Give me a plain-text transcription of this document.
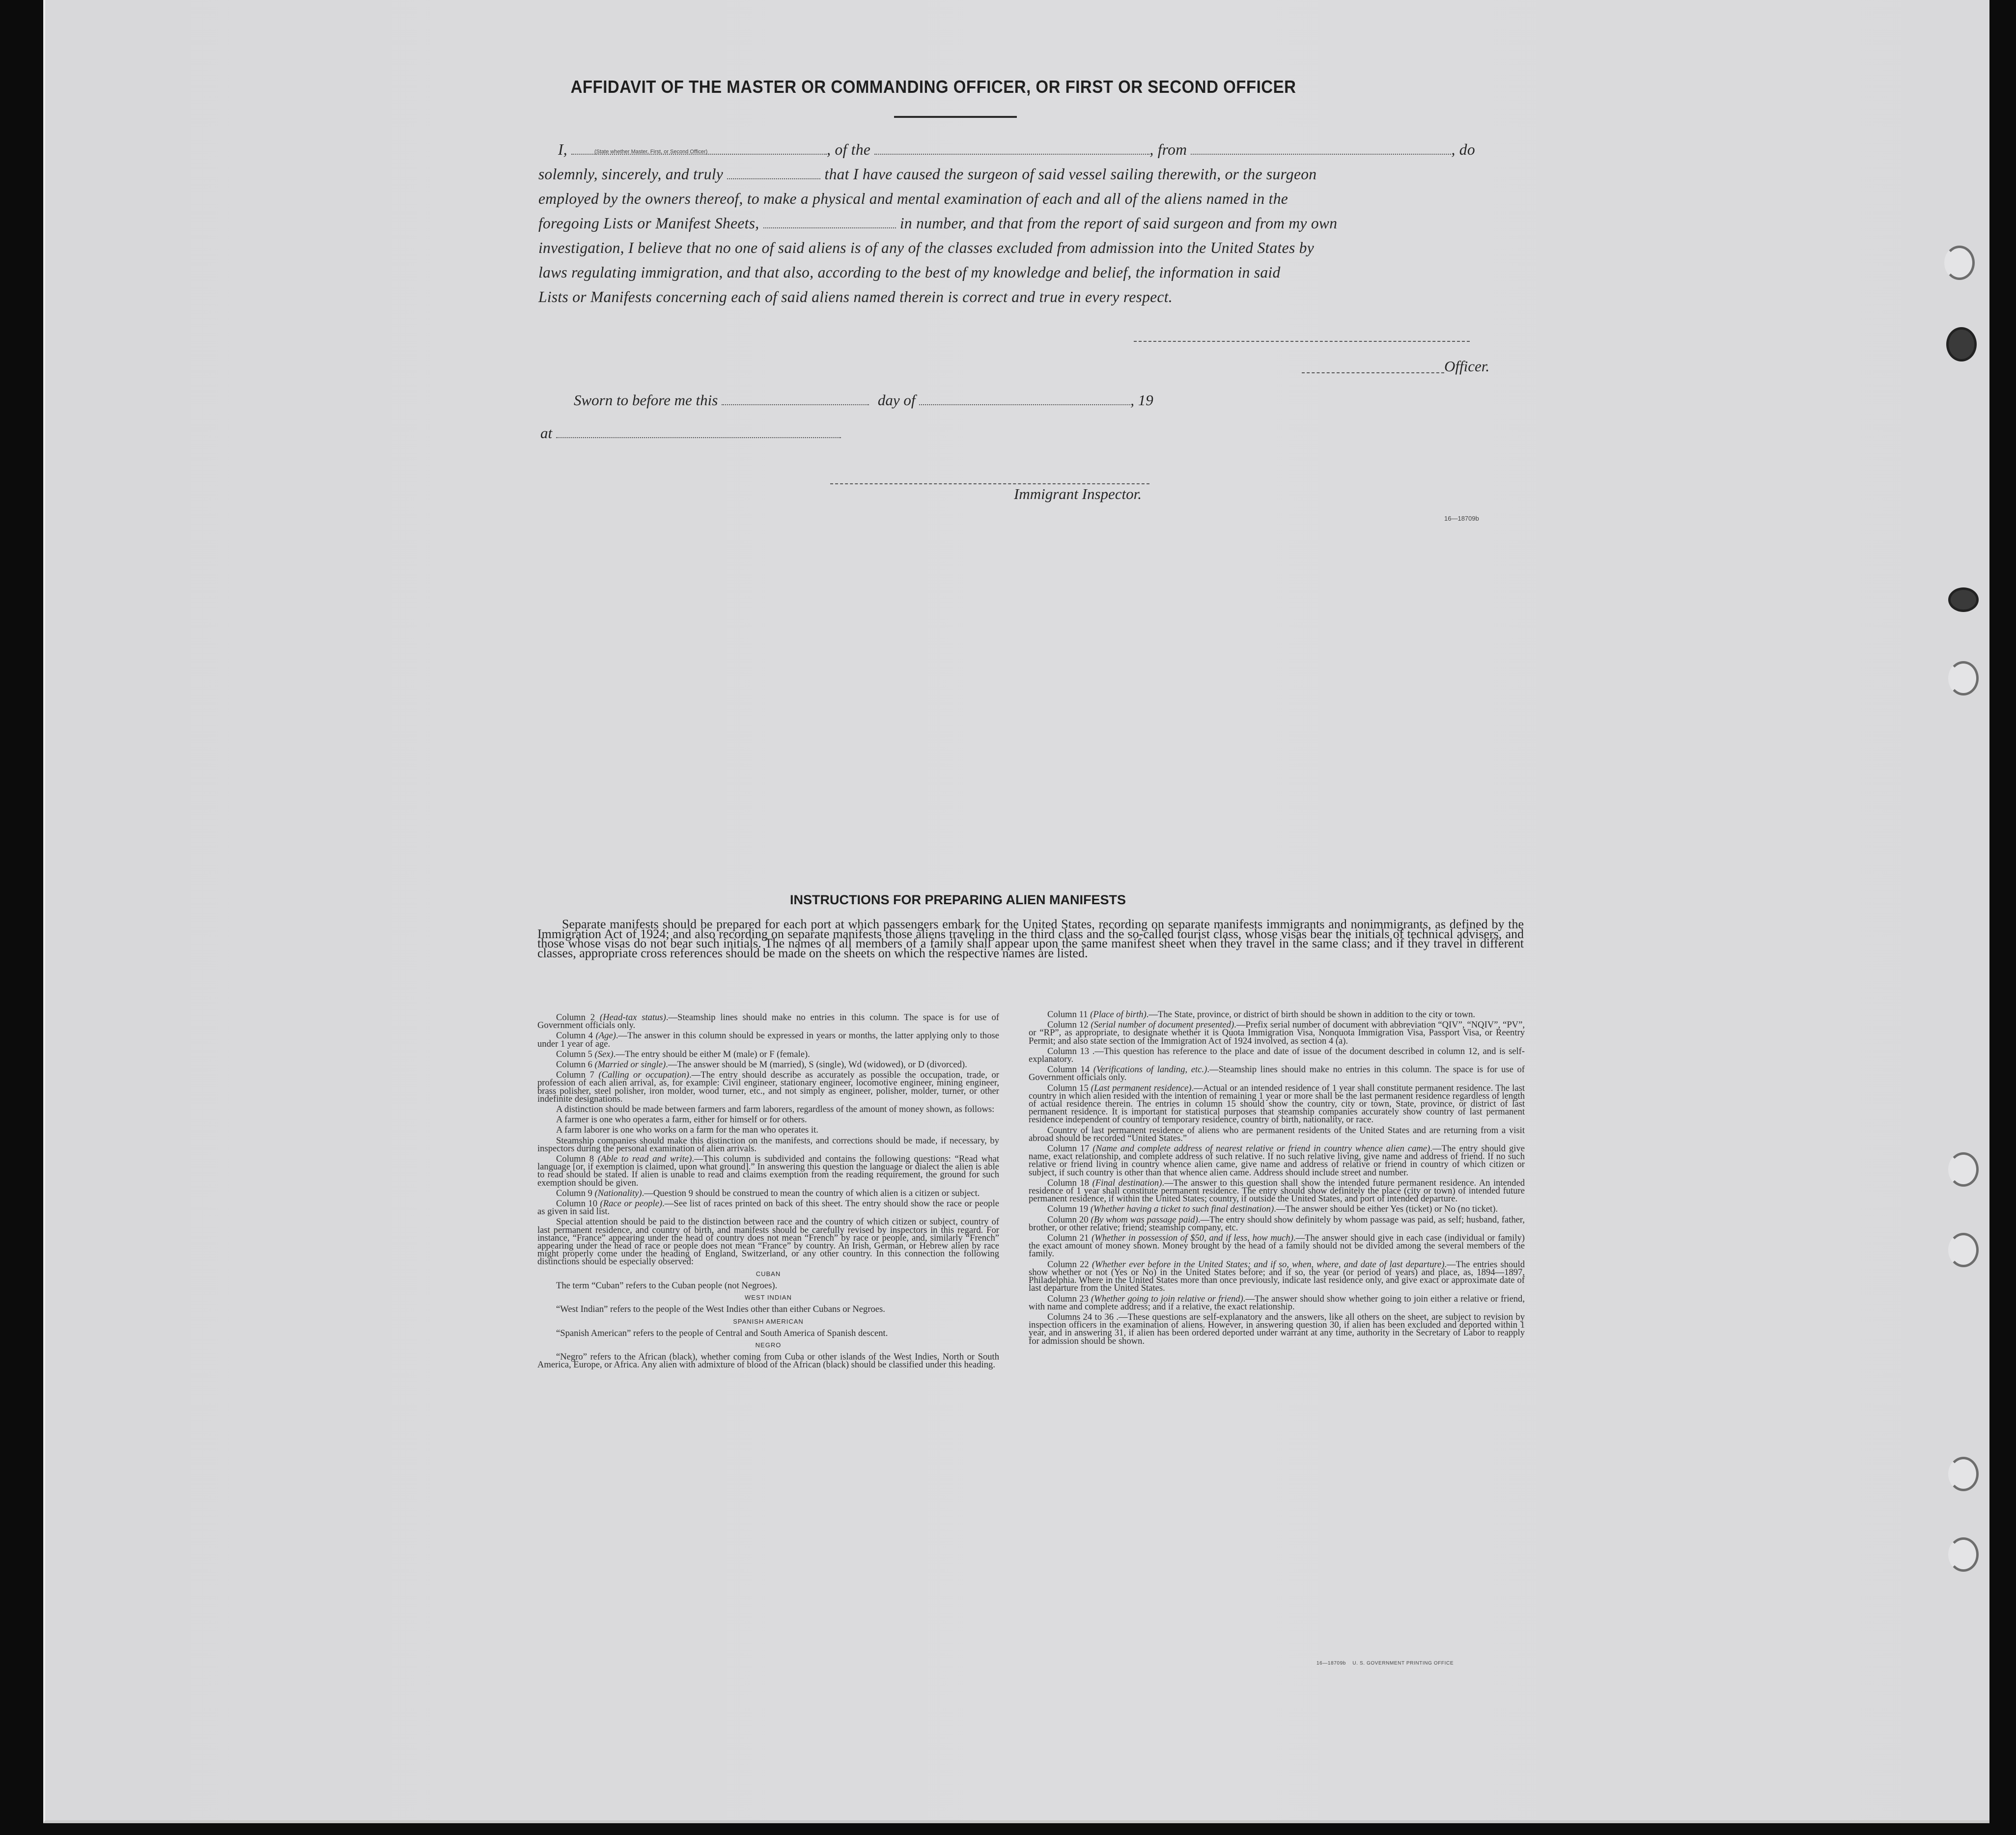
AFFIDAVIT OF THE MASTER OR COMMANDING OFFICER, OR FIRST OR SECOND OFFICER
I,	, of the	, from	, do
(State whether Master, First, or Second Officer)
solemnly, sincerely, and truly	that I have caused the surgeon of said vessel sailing therewith, or the surgeon
employed by the owners thereof, to make a physical and mental examination of each and all of the aliens named in the
foregoing Lists or Manifest Sheets,	in number, and that from the report of said surgeon and from my own
investigation, I believe that no one of said aliens is of any of the classes excluded from admission into the United States by
laws regulating immigration, and that also, according to the best of my knowledge and belief, the information in said
Lists or Manifests concerning each of said aliens named therein is correct and true in every respect.
Officer.
Sworn to before me this	day of	, 19
at
Immigrant Inspector.
16—18709b
INSTRUCTIONS FOR PREPARING ALIEN MANIFESTS
Separate manifests should be prepared for each port at which passengers embark for the United States, recording on separate manifests immigrants and nonimmigrants, as defined by the Immigration Act of 1924; and also recording on separate manifests those aliens traveling in the third class and the so-called tourist class, whose visas bear the initials of technical advisers, and those whose visas do not bear such initials. The names of all members of a family shall appear upon the same manifest sheet when they travel in the same class; and if they travel in different classes, appropriate cross references should be made on the sheets on which the respective names are listed.

Column 2 (Head-tax status).—Steamship lines should make no entries in this column. The space is for use of Government officials only.

Column 4 (Age).—The answer in this column should be expressed in years or months, the latter applying only to those under 1 year of age.

Column 5 (Sex).—The entry should be either M (male) or F (female).

Column 6 (Married or single).—The answer should be M (married), S (single), Wd (widowed), or D (divorced).

Column 7 (Calling or occupation).—The entry should describe as accurately as possible the occupation, trade, or profession of each alien arrival, as, for example: Civil engineer, stationary engineer, locomotive engineer, mining engineer, brass polisher, steel polisher, iron molder, wood turner, etc., and not simply as engineer, polisher, molder, turner, or other indefinite designations.

A distinction should be made between farmers and farm laborers, regardless of the amount of money shown, as follows:

A farmer is one who operates a farm, either for himself or for others.

A farm laborer is one who works on a farm for the man who operates it.

Steamship companies should make this distinction on the manifests, and corrections should be made, if necessary, by inspectors during the personal examination of alien arrivals.

Column 8 (Able to read and write).—This column is subdivided and contains the following questions: “Read what language [or, if exemption is claimed, upon what ground].” In answering this question the language or dialect the alien is able to read should be stated. If alien is unable to read and claims exemption from the reading requirement, the ground for such exemption should be given.

Column 9 (Nationality).—Question 9 should be construed to mean the country of which alien is a citizen or subject.

Column 10 (Race or people).—See list of races printed on back of this sheet. The entry should show the race or people as given in said list.

Special attention should be paid to the distinction between race and the country of which citizen or subject, country of last permanent residence, and country of birth, and manifests should be carefully revised by inspectors in this regard. For instance, “France” appearing under the head of country does not mean “French” by race or people, and, similarly “French” appearing under the head of race or people does not mean “France” by country. An Irish, German, or Hebrew alien by race might properly come under the heading of England, Switzerland, or any other country. In this connection the following distinctions should be especially observed:

CUBAN

The term “Cuban” refers to the Cuban people (not Negroes).

WEST INDIAN

“West Indian” refers to the people of the West Indies other than either Cubans or Negroes.

SPANISH AMERICAN

“Spanish American” refers to the people of Central and South America of Spanish descent.

NEGRO

“Negro” refers to the African (black), whether coming from Cuba or other islands of the West Indies, North or South America, Europe, or Africa. Any alien with admixture of blood of the African (black) should be classified under this heading.

Column 11 (Place of birth).—The State, province, or district of birth should be shown in addition to the city or town.

Column 12 (Serial number of document presented).—Prefix serial number of document with abbreviation “QIV”, “NQIV”, “PV”, or “RP”, as appropriate, to designate whether it is Quota Immigration Visa, Nonquota Immigration Visa, Passport Visa, or Reentry Permit; and also state section of the Immigration Act of 1924 involved, as section 4 (a).

Column 13 .—This question has reference to the place and date of issue of the document described in column 12, and is self-explanatory.

Column 14 (Verifications of landing, etc.).—Steamship lines should make no entries in this column. The space is for use of Government officials only.

Column 15 (Last permanent residence).—Actual or an intended residence of 1 year shall constitute permanent residence. The last country in which alien resided with the intention of remaining 1 year or more shall be the last permanent residence regardless of length of actual residence therein. The entries in column 15 should show the country, city or town, State, province, or district of last permanent residence. It is important for statistical purposes that steamship companies accurately show country of last permanent residence independent of country of temporary residence, country of birth, nationality, or race.

Country of last permanent residence of aliens who are permanent residents of the United States and are returning from a visit abroad should be recorded “United States.”

Column 17 (Name and complete address of nearest relative or friend in country whence alien came).—The entry should give name, exact relationship, and complete address of such relative. If no such relative living, give name and address of friend. If no such relative or friend living in country whence alien came, give name and address of relative or friend in country of which citizen or subject, if such country is other than that whence alien came. Address should include street and number.

Column 18 (Final destination).—The answer to this question shall show the intended future permanent residence. An intended residence of 1 year shall constitute permanent residence. The entry should show definitely the place (city or town) of intended future permanent residence, if within the United States; country, if outside the United States, and port of intended departure.

Column 19 (Whether having a ticket to such final destination).—The answer should be either Yes (ticket) or No (no ticket).

Column 20 (By whom was passage paid).—The entry should show definitely by whom passage was paid, as self; husband, father, brother, or other relative; friend; steamship company, etc.

Column 21 (Whether in possession of $50, and if less, how much).—The answer should give in each case (individual or family) the exact amount of money shown. Money brought by the head of a family should not be divided among the several members of the family.

Column 22 (Whether ever before in the United States; and if so, when, where, and date of last departure).—The entries should show whether or not (Yes or No) in the United States before; and if so, the year (or period of years) and place, as, 1894—1897, Philadelphia. Where in the United States more than once previously, indicate last residence only, and give exact or approximate date of last departure from the United States.

Column 23 (Whether going to join relative or friend).—The answer should show whether going to join either a relative or friend, with name and complete address; and if a relative, the exact relationship.

Columns 24 to 36 .—These questions are self-explanatory and the answers, like all others on the sheet, are subject to revision by inspection officers in the examination of aliens. However, in answering question 30, if alien has been excluded and deported within 1 year, and in answering 31, if alien has been ordered deported under warrant at any time, authority in the Secretary of Labor to reapply for admission should be shown.

16—18709b U. S. GOVERNMENT PRINTING OFFICE
